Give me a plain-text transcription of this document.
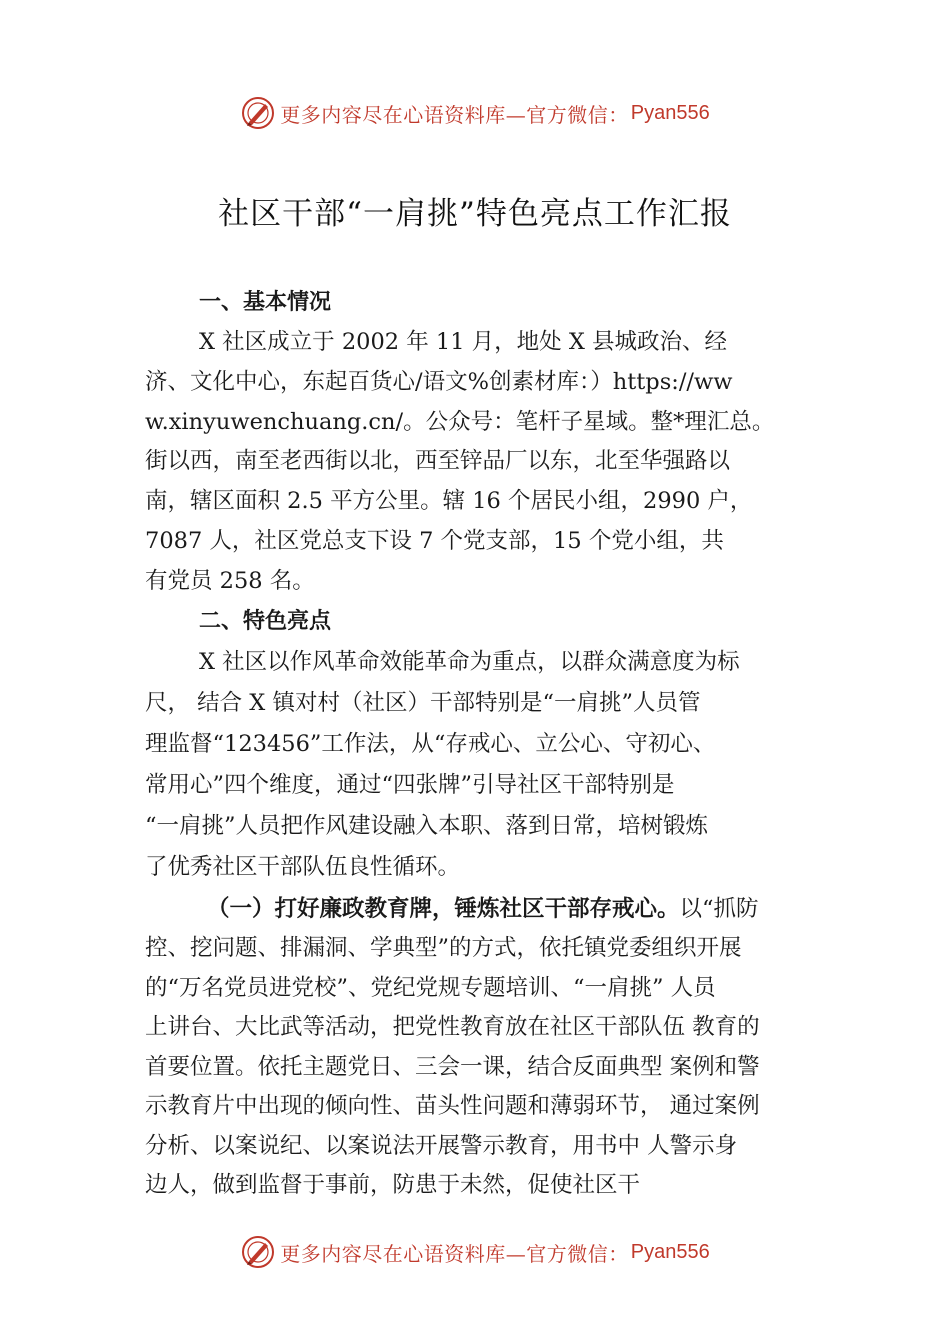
更多内容尽在心语资料库—官方微信： Pyan556
社区干部“一肩挑”特色亮点工作汇报
一、基本情况
X 社区成立于 2002 年 11 月，地处 X 县城政治、经
济、文化中心，东起百货心/语文%创素材库：）https://ww
w.xinyuwenchuang.cn/。公众号：笔杆子星域。整*理汇总。
街以西，南至老西街以北，西至锌品厂以东，北至华强路以
南，辖区面积 2.5 平方公里。辖 16 个居民小组，2990 户，
7087 人，社区党总支下设 7 个党支部，15 个党小组，共
有党员 258 名。
二、特色亮点
X 社区以作风革命效能革命为重点，以群众满意度为标
尺， 结合 X 镇对村（社区）干部特别是“一肩挑”人员管
理监督“123456”工作法，从“存戒心、立公心、守初心、
常用心”四个维度，通过“四张牌”引导社区干部特别是
“一肩挑”人员把作风建设融入本职、落到日常，培树锻炼
了优秀社区干部队伍良性循环。
（一）打好廉政教育牌，锤炼社区干部存戒心。以“抓防
控、挖问题、排漏洞、学典型”的方式，依托镇党委组织开展
的“万名党员进党校”、党纪党规专题培训、“一肩挑” 人员
上讲台、大比武等活动，把党性教育放在社区干部队伍 教育的
首要位置。依托主题党日、三会一课，结合反面典型 案例和警
示教育片中出现的倾向性、苗头性问题和薄弱环节， 通过案例
分析、以案说纪、以案说法开展警示教育，用书中 人警示身
边人，做到监督于事前，防患于未然，促使社区干
更多内容尽在心语资料库—官方微信： Pyan556
